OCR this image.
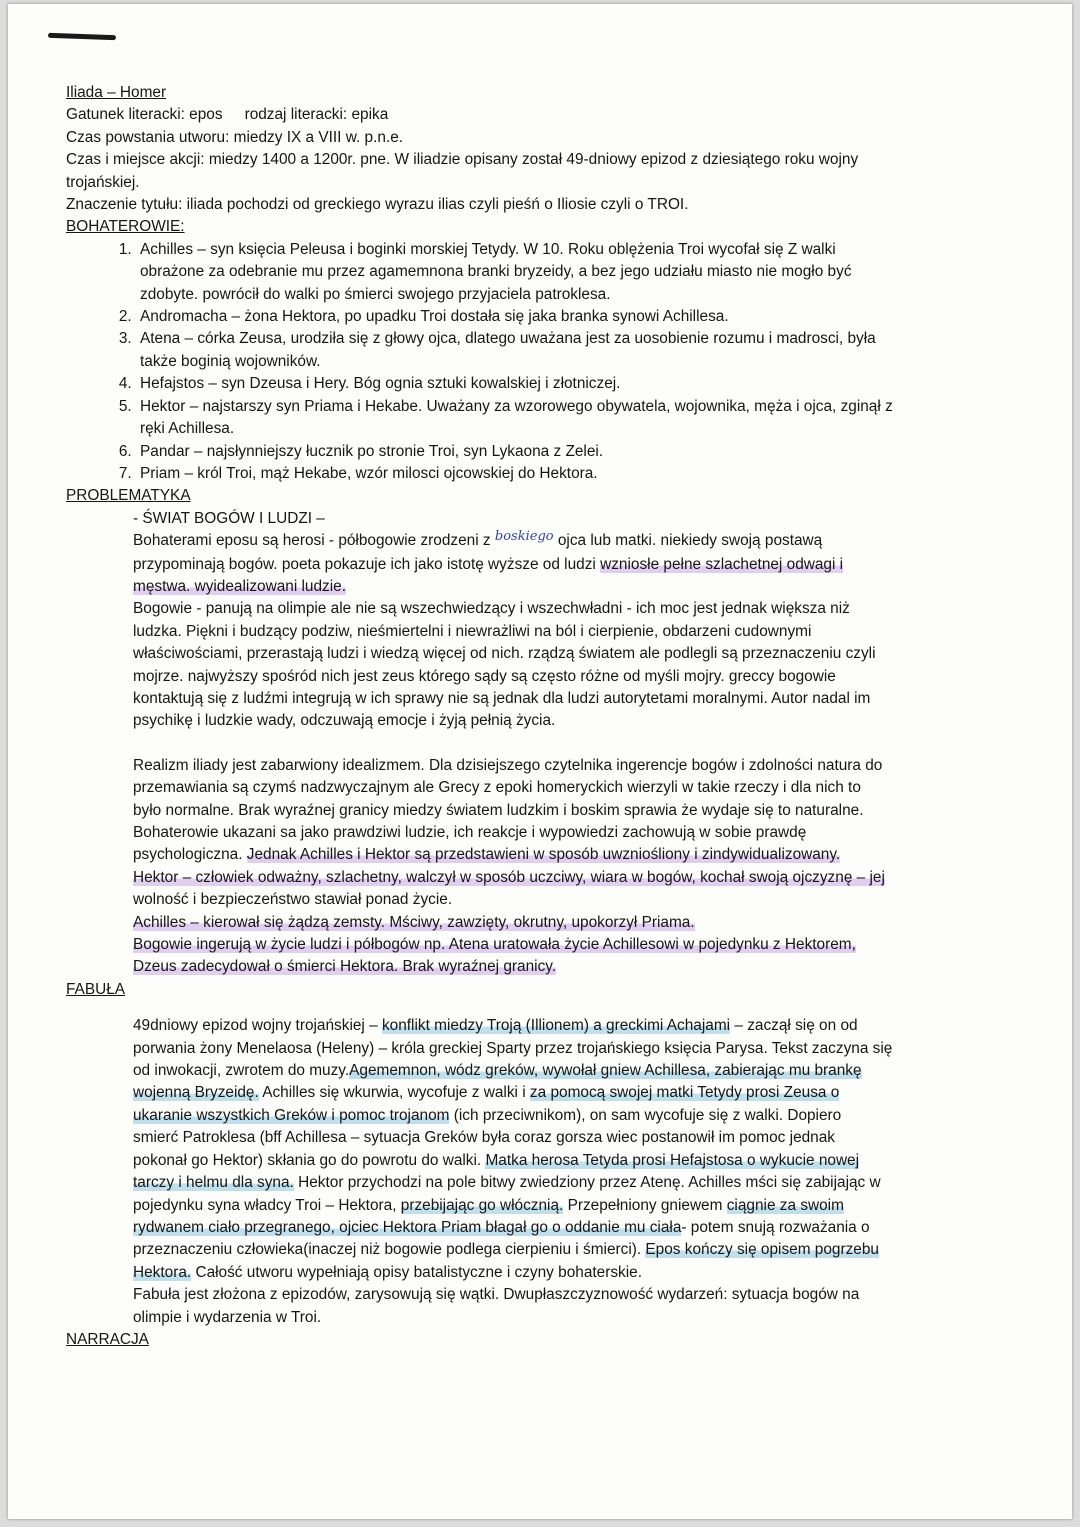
Iliada – Homer

Gatunek literacki: epos rodzaj literacki: epika

Czas powstania utworu: miedzy IX a VIII w. p.n.e.

Czas i miejsce akcji: miedzy 1400 a 1200r. pne. W iliadzie opisany został 49-dniowy epizod z dziesiątego roku wojny

trojańskiej.

Znaczenie tytułu: iliada pochodzi od greckiego wyrazu ilias czyli pieśń o Iliosie czyli o TROI.

BOHATEROWIE:

1. Achilles – syn księcia Peleusa i boginki morskiej Tetydy. W 10. Roku oblężenia Troi wycofał się Z walki
obrażone za odebranie mu przez agamemnona branki bryzeidy, a bez jego udziału miasto nie mogło być
zdobyte. powrócił do walki po śmierci swojego przyjaciela patroklesa.
2. Andromacha – żona Hektora, po upadku Troi dostała się jaka branka synowi Achillesa.
3. Atena – córka Zeusa, urodziła się z głowy ojca, dlatego uważana jest za uosobienie rozumu i madrosci, była
także boginią wojowników.
4. Hefajstos – syn Dzeusa i Hery. Bóg ognia sztuki kowalskiej i złotniczej.
5. Hektor – najstarszy syn Priama i Hekabe. Uważany za wzorowego obywatela, wojownika, męża i ojca, zginął z
ręki Achillesa.
6. Pandar – najsłynniejszy łucznik po stronie Troi, syn Lykaona z Zelei.
7. Priam – król Troi, mąż Hekabe, wzór milosci ojcowskiej do Hektora.

PROBLEMATYKA

- ŚWIAT BOGÓW I LUDZI –

Bohaterami eposu są herosi - półbogowie zrodzeni z boskiego ojca lub matki. niekiedy swoją postawą
przypominają bogów. poeta pokazuje ich jako istotę wyższe od ludzi wzniosłe pełne szlachetnej odwagi i
męstwa. wyidealizowani ludzie.
Bogowie - panują na olimpie ale nie są wszechwiedzący i wszechwładni - ich moc jest jednak większa niż
ludzka. Piękni i budzący podziw, nieśmiertelni i niewrażliwi na ból i cierpienie, obdarzeni cudownymi
właściwościami, przerastają ludzi i wiedzą więcej od nich. rządzą światem ale podlegli są przeznaczeniu czyli
mojrze. najwyższy spośród nich jest zeus którego sądy są często różne od myśli mojry. greccy bogowie
kontaktują się z ludźmi integrują w ich sprawy nie są jednak dla ludzi autorytetami moralnymi. Autor nadal im
psychikę i ludzkie wady, odczuwają emocje i żyją pełnią życia.
Realizm iliady jest zabarwiony idealizmem. Dla dzisiejszego czytelnika ingerencje bogów i zdolności natura do
przemawiania są czymś nadzwyczajnym ale Grecy z epoki homeryckich wierzyli w takie rzeczy i dla nich to
było normalne. Brak wyraźnej granicy miedzy światem ludzkim i boskim sprawia że wydaje się to naturalne.
Bohaterowie ukazani sa jako prawdziwi ludzie, ich reakcje i wypowiedzi zachowują w sobie prawdę
psychologiczna. Jednak Achilles i Hektor są przedstawieni w sposób uwzniośliony i zindywidualizowany.
Hektor – człowiek odważny, szlachetny, walczył w sposób uczciwy, wiara w bogów, kochał swoją ojczyznę – jej
wolność i bezpieczeństwo stawiał ponad życie.
Achilles – kierował się żądzą zemsty. Mściwy, zawzięty, okrutny, upokorzył Priama.
Bogowie ingerują w życie ludzi i półbogów np. Atena uratowała życie Achillesowi w pojedynku z Hektorem,
Dzeus zadecydował o śmierci Hektora. Brak wyraźnej granicy.

FABUŁA

49dniowy epizod wojny trojańskiej – konflikt miedzy Troją (Illionem) a greckimi Achajami – zaczął się on od
porwania żony Menelaosa (Heleny) – króla greckiej Sparty przez trojańskiego księcia Parysa. Tekst zaczyna się
od inwokacji, zwrotem do muzy.Agememnon, wódz greków, wywołał gniew Achillesa, zabierając mu brankę
wojenną Bryzeidę. Achilles się wkurwia, wycofuje z walki i za pomocą swojej matki Tetydy prosi Zeusa o
ukaranie wszystkich Greków i pomoc trojanom (ich przeciwnikom), on sam wycofuje się z walki. Dopiero
smierć Patroklesa (bff Achillesa – sytuacja Greków była coraz gorsza wiec postanowił im pomoc jednak
pokonał go Hektor) skłania go do powrotu do walki. Matka herosa Tetyda prosi Hefajstosa o wykucie nowej
tarczy i helmu dla syna. Hektor przychodzi na pole bitwy zwiedziony przez Atenę. Achilles mści się zabijając w
pojedynku syna władcy Troi – Hektora, przebijając go włócznią. Przepełniony gniewem ciągnie za swoim
rydwanem ciało przegranego, ojciec Hektora Priam błagał go o oddanie mu ciała- potem snują rozważania o
przeznaczeniu człowieka(inaczej niż bogowie podlega cierpieniu i śmierci). Epos kończy się opisem pogrzebu
Hektora. Całość utworu wypełniają opisy batalistyczne i czyny bohaterskie.
Fabuła jest złożona z epizodów, zarysowują się wątki. Dwupłaszczyznowość wydarzeń: sytuacja bogów na
olimpie i wydarzenia w Troi.

NARRACJA
